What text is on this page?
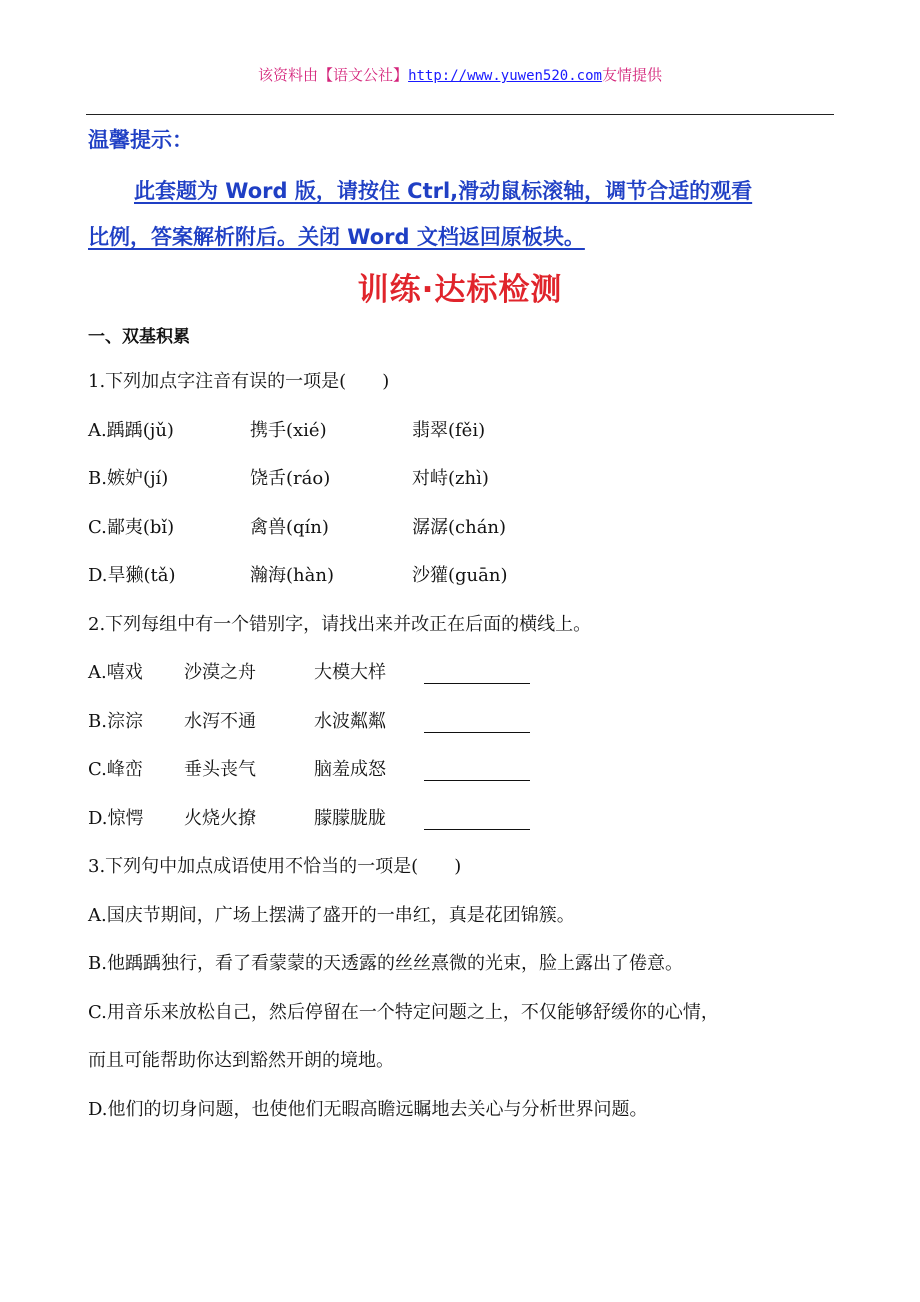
该资料由【语文公社】http://www.yuwen520.com友情提供
温馨提示：
此套题为 Word 版，请按住 Ctrl,滑动鼠标滚轴，调节合适的观看
比例，答案解析附后。关闭 Word 文档返回原板块。
训练·达标检测
一、双基积累
1.下列加点字注音有误的一项是(　　)
A.踽踽(jǔ)	携手(xié)	翡翠(fěi)
B.嫉妒(jí)	饶舌(ráo)	对峙(zhì)
C.鄙夷(bǐ)	禽兽(qín)	潺潺(chán)
D.旱獭(tǎ)	瀚海(hàn)	沙獾(guān)
2.下列每组中有一个错别字，请找出来并改正在后面的横线上。
A.嘻戏 沙漠之舟	大模大样
B.淙淙 水泻不通	水波粼粼
C.峰峦 垂头丧气	脑羞成怒
D.惊愕 火烧火撩	朦朦胧胧
3.下列句中加点成语使用不恰当的一项是(　　)
A.国庆节期间，广场上摆满了盛开的一串红，真是花团锦簇。
B.他踽踽独行，看了看蒙蒙的天透露的丝丝熹微的光束，脸上露出了倦意。
C.用音乐来放松自己，然后停留在一个特定问题之上，不仅能够舒缓你的心情，
而且可能帮助你达到豁然开朗的境地。
D.他们的切身问题，也使他们无暇高瞻远瞩地去关心与分析世界问题。
